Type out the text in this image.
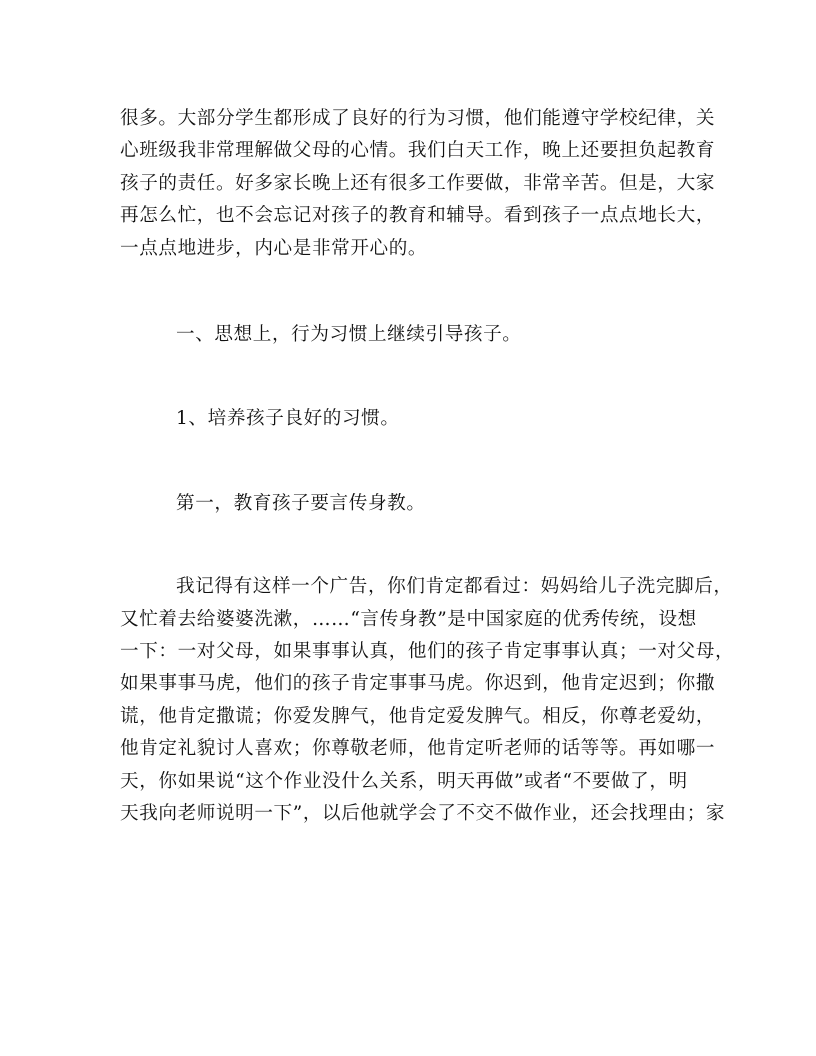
很多。大部分学生都形成了良好的行为习惯，他们能遵守学校纪律，关
心班级我非常理解做父母的心情。我们白天工作，晚上还要担负起教育
孩子的责任。好多家长晚上还有很多工作要做，非常辛苦。但是，大家
再怎么忙，也不会忘记对孩子的教育和辅导。看到孩子一点点地长大，
一点点地进步，内心是非常开心的。

一、思想上，行为习惯上继续引导孩子。

1、培养孩子良好的习惯。

第一，教育孩子要言传身教。

我记得有这样一个广告，你们肯定都看过：妈妈给儿子洗完脚后，
又忙着去给婆婆洗漱，……“言传身教”是中国家庭的优秀传统，设想
一下：一对父母，如果事事认真，他们的孩子肯定事事认真；一对父母，
如果事事马虎，他们的孩子肯定事事马虎。你迟到，他肯定迟到；你撒
谎，他肯定撒谎；你爱发脾气，他肯定爱发脾气。相反，你尊老爱幼，
他肯定礼貌讨人喜欢；你尊敬老师，他肯定听老师的话等等。再如哪一
天，你如果说“这个作业没什么关系，明天再做”或者“不要做了，明
天我向老师说明一下”，以后他就学会了不交不做作业，还会找理由；家
